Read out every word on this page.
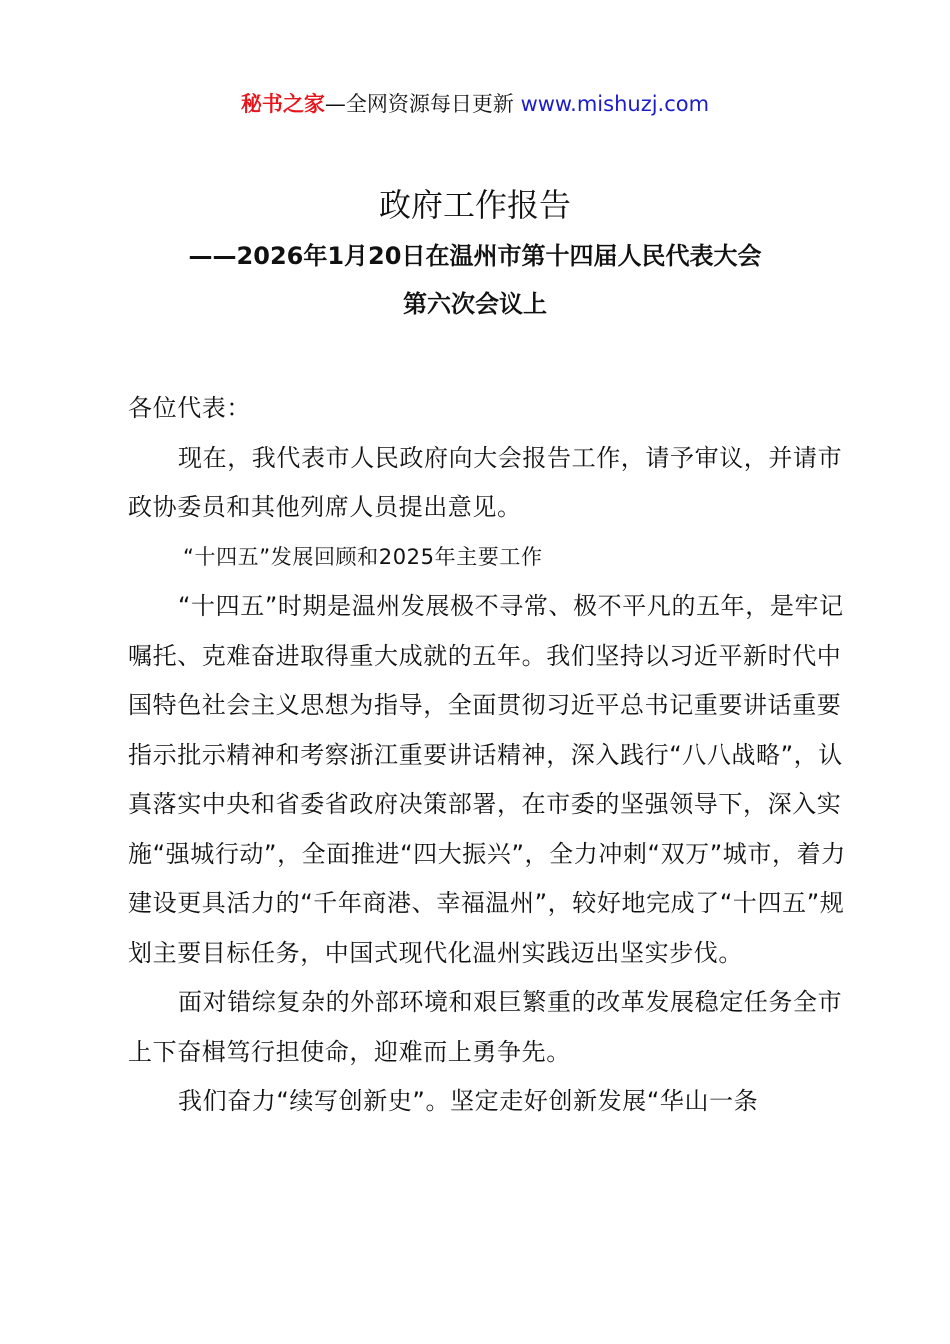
秘书之家—全网资源每日更新 www.mishuzj.com
政府工作报告
——2026年1月20日在温州市第十四届人民代表大会
第六次会议上

各位代表：

现在，我代表市人民政府向大会报告工作，请予审议，并请市政协委员和其他列席人员提出意见。

“十四五”发展回顾和2025年主要工作

“十四五”时期是温州发展极不寻常、极不平凡的五年，是牢记嘱托、克难奋进取得重大成就的五年。我们坚持以习近平新时代中国特色社会主义思想为指导，全面贯彻习近平总书记重要讲话重要指示批示精神和考察浙江重要讲话精神，深入践行“八八战略”，认真落实中央和省委省政府决策部署，在市委的坚强领导下，深入实施“强城行动”，全面推进“四大振兴”，全力冲刺“双万”城市，着力建设更具活力的“千年商港、幸福温州”，较好地完成了“十四五”规划主要目标任务，中国式现代化温州实践迈出坚实步伐。

面对错综复杂的外部环境和艰巨繁重的改革发展稳定任务全市上下奋楫笃行担使命，迎难而上勇争先。

我们奋力“续写创新史”。坚定走好创新发展“华山一条
